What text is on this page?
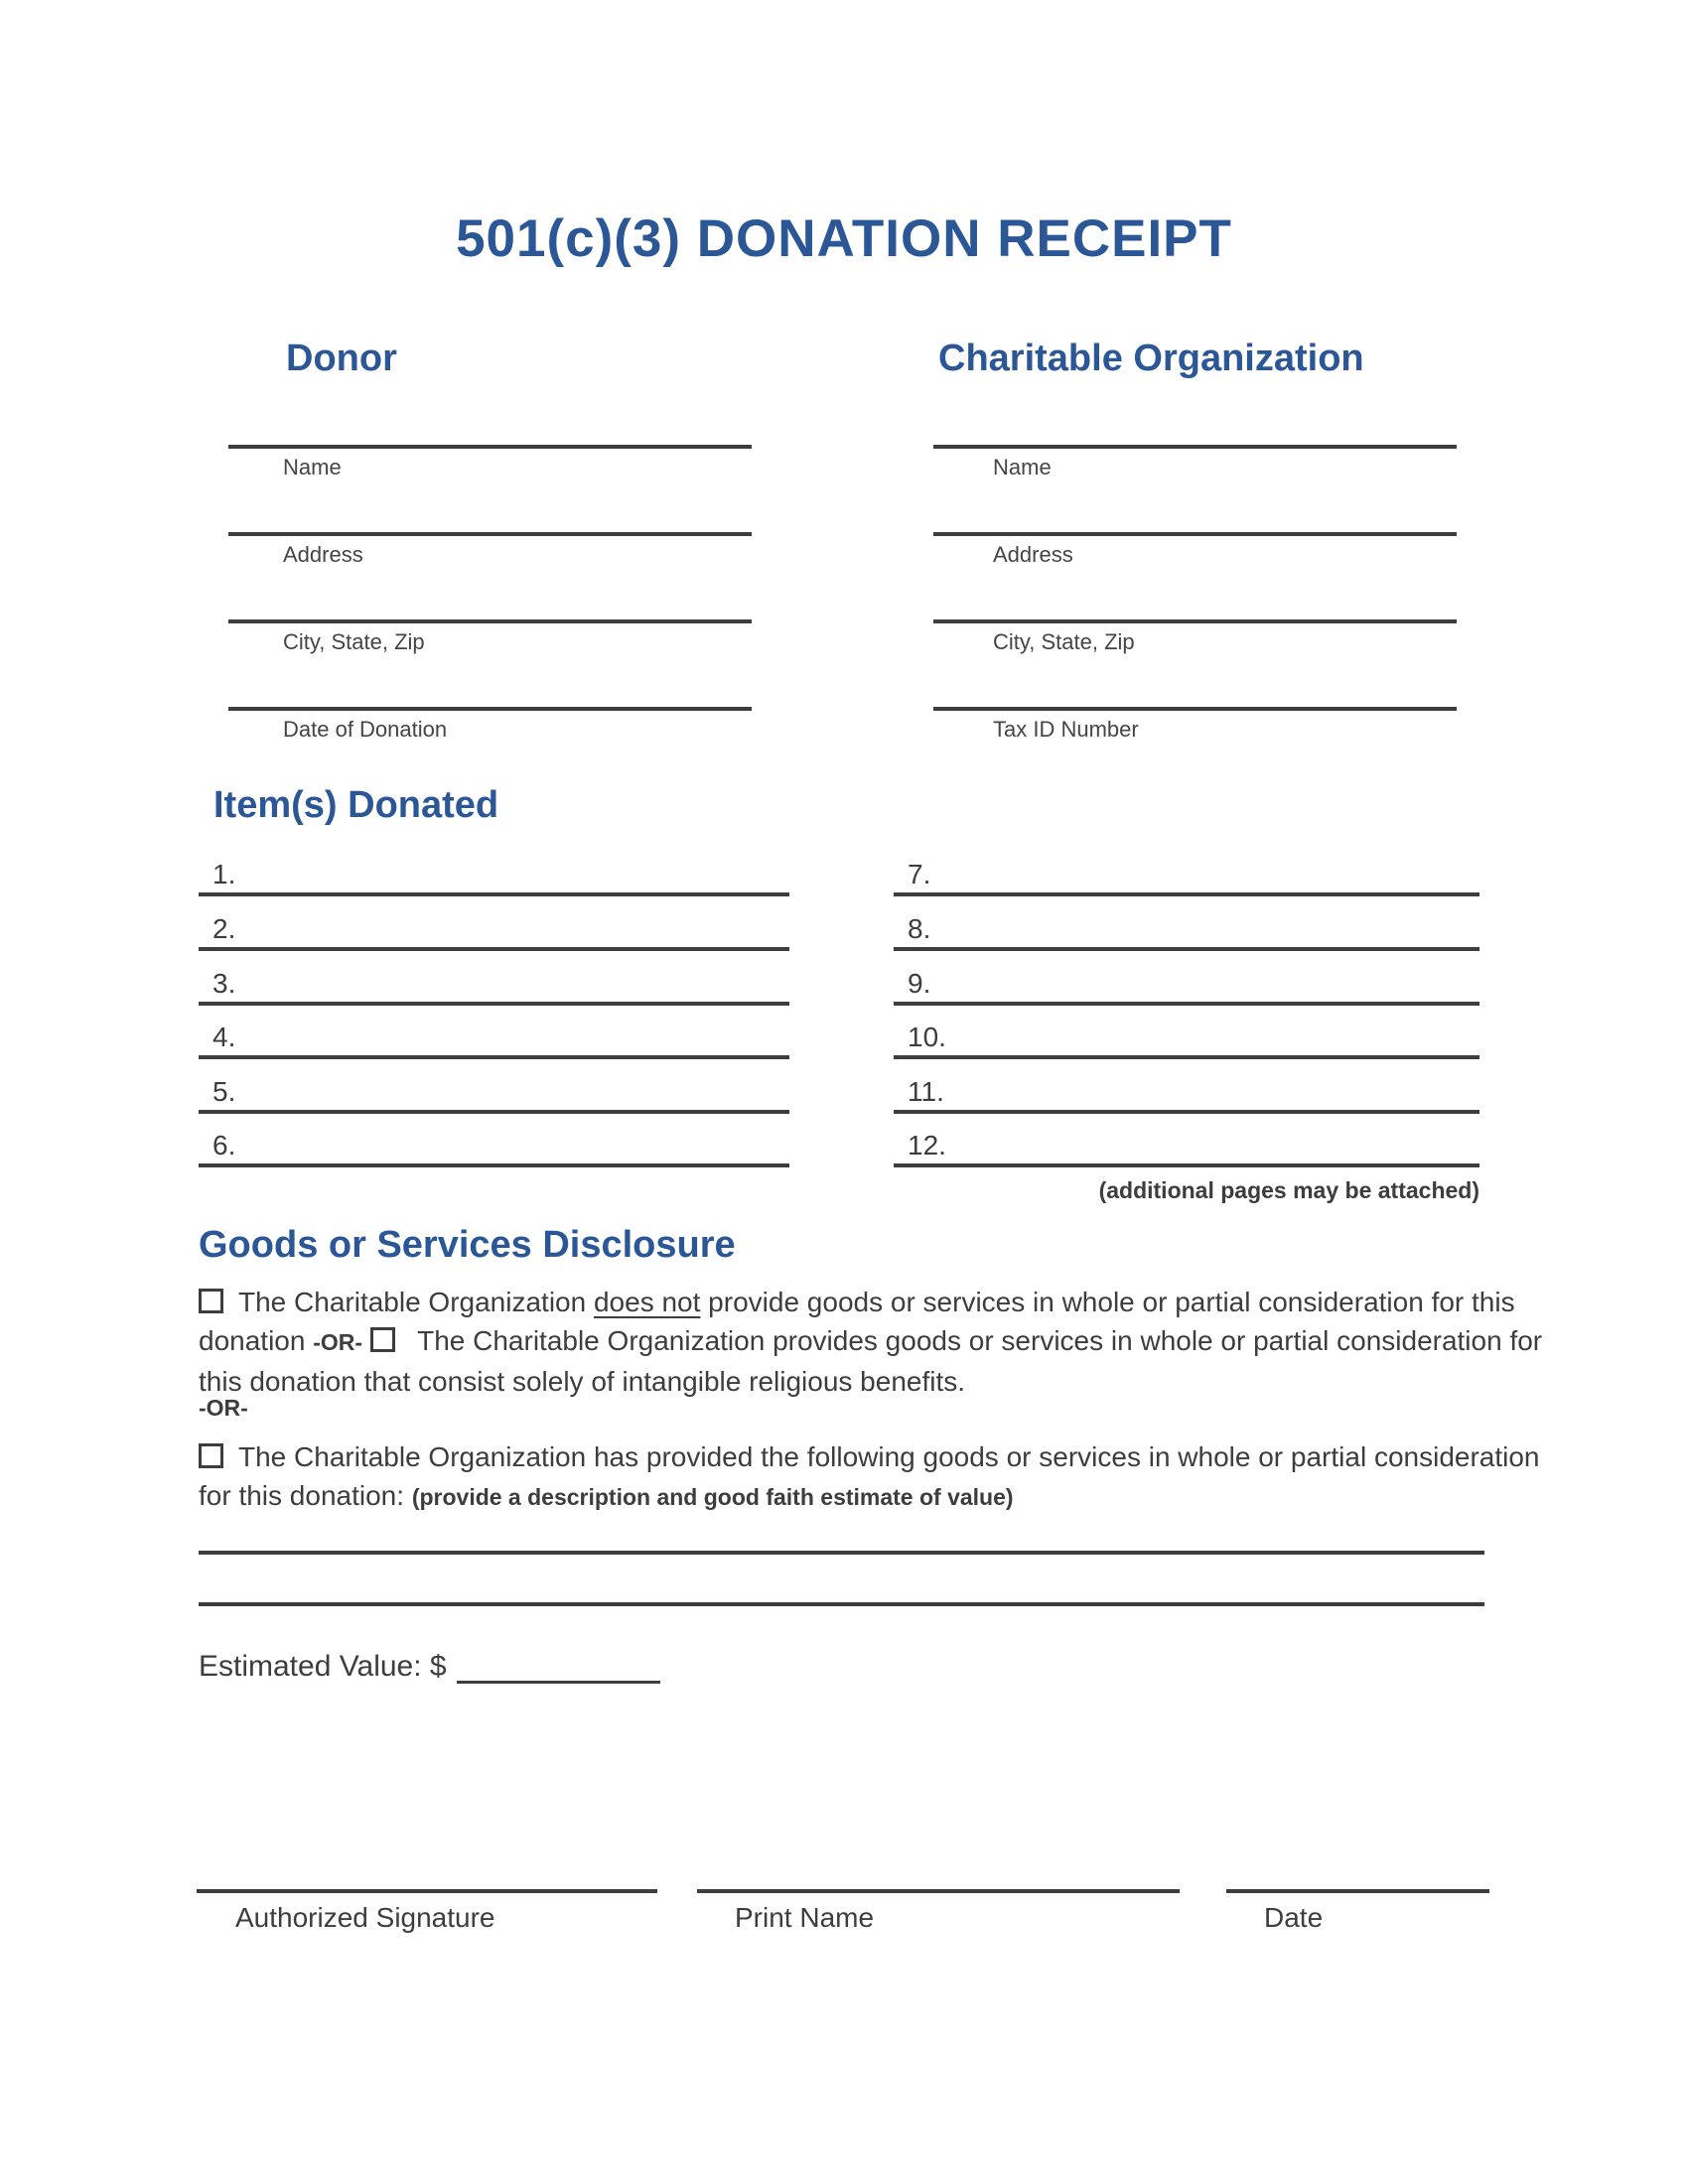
501(c)(3) DONATION RECEIPT
Donor	Charitable Organization
Name
Address
City, State, Zip
Date of Donation
Name
Address
City, State, Zip
Tax ID Number
Item(s) Donated
1.
2.
3.
4.
5.
6.
7.
8.
9.
10.
11.
12.
(additional pages may be attached)
Goods or Services Disclosure
The Charitable Organization does not provide goods or services in whole or partial consideration for this donation -OR-  The Charitable Organization provides goods or services in whole or partial consideration for this donation that consist solely of intangible religious benefits.
-OR-
The Charitable Organization has provided the following goods or services in whole or partial consideration for this donation: (provide a description and good faith estimate of value)
Estimated Value: $
Authorized Signature	Print Name	Date
